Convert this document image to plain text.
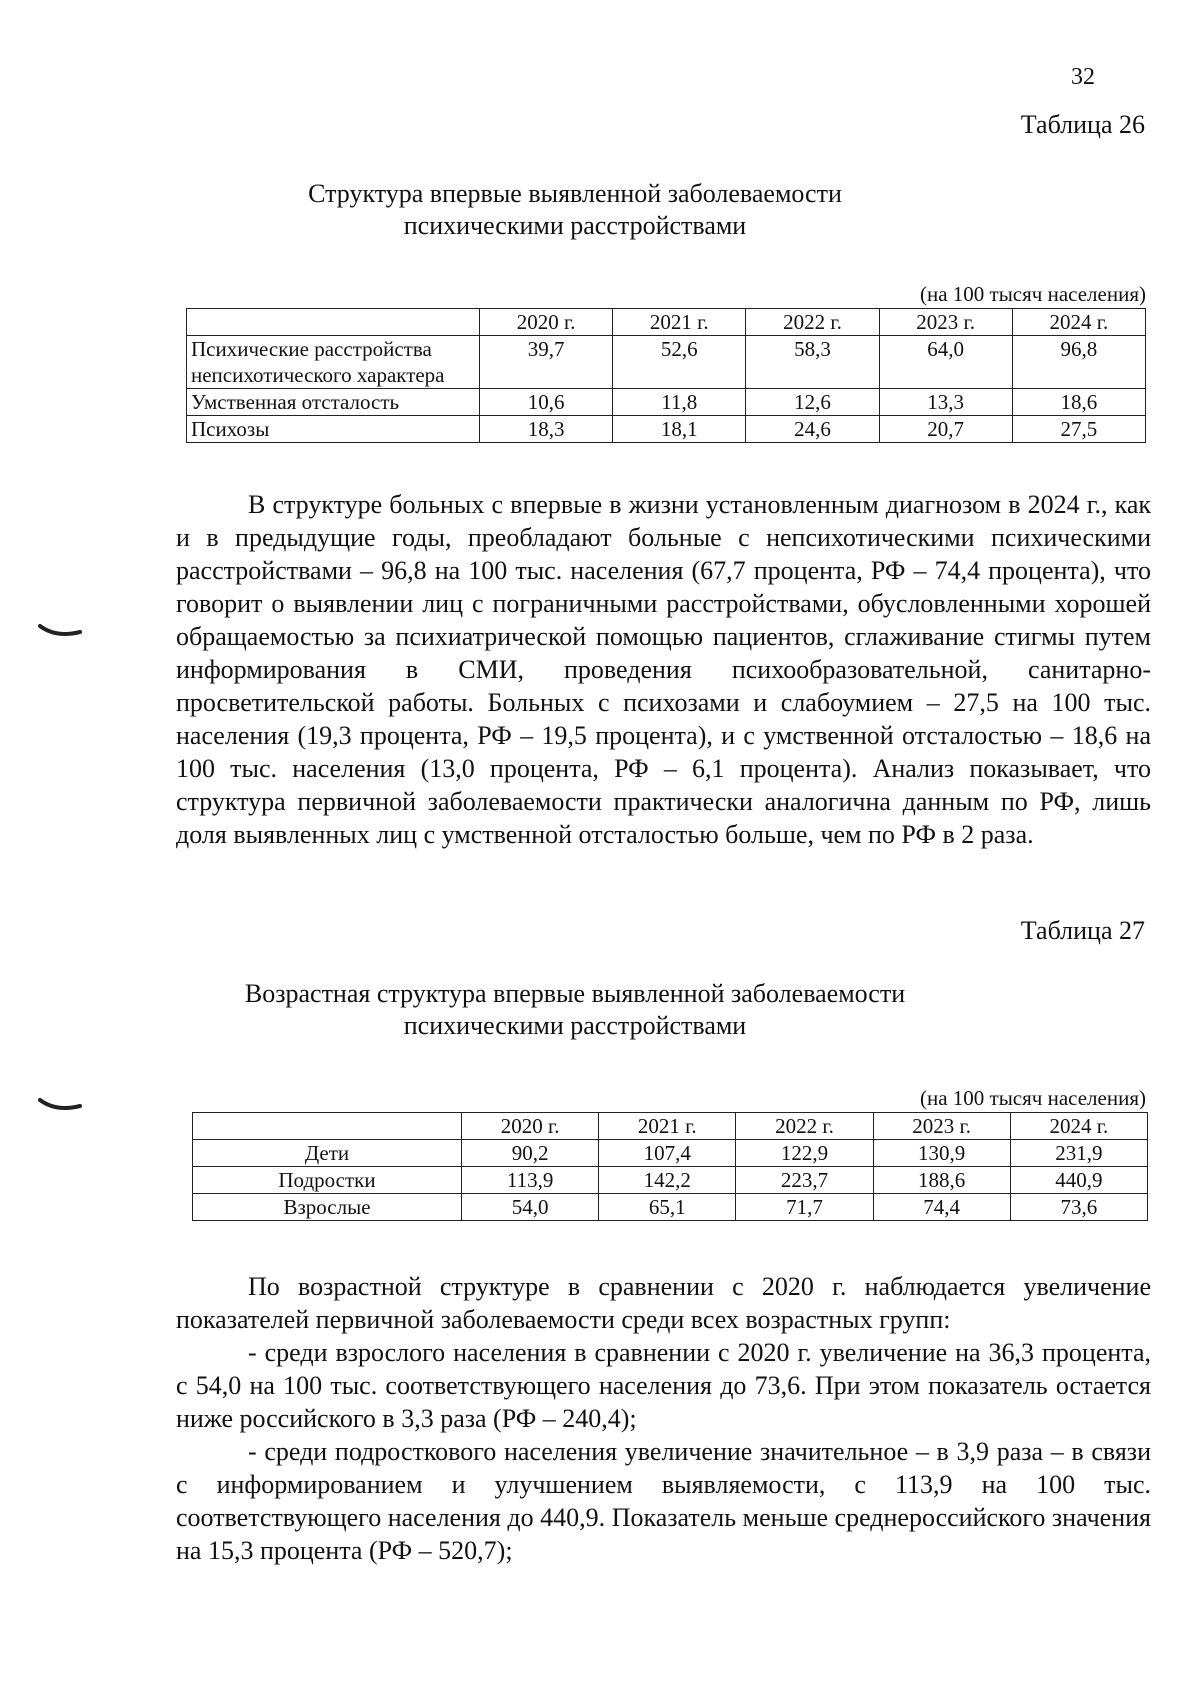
32
Таблица 26
Структура впервые выявленной заболеваемости
психическими расстройствами
(на 100 тысяч населения)
	2020 г.	2021 г.	2022 г.	2023 г.	2024 г.

Психические расстройства
непсихотического характера	39,7	52,6	58,3	64,0	96,8
Умственная отсталость	10,6	11,8	12,6	13,3	18,6
Психозы	18,3	18,1	24,6	20,7	27,5

В структуре больных с впервые в жизни установленным диагнозом в 2024 г., как и в предыдущие годы, преобладают больные с непсихотическими психическими расстройствами – 96,8 на 100 тыс. населения (67,7 процента, РФ – 74,4 процента), что говорит о выявлении лиц с пограничными расстройствами, обусловленными хорошей обращаемостью за психиатрической помощью пациентов, сглаживание стигмы путем информирования в СМИ, проведения психообразовательной, санитарно-просветительской работы. Больных с психозами и слабоумием – 27,5 на 100 тыс. населения (19,3 процента, РФ – 19,5 процента), и с умственной отсталостью – 18,6 на 100 тыс. населения (13,0 процента, РФ – 6,1 процента). Анализ показывает, что структура первичной заболеваемости практически аналогична данным по РФ, лишь доля выявленных лиц с умственной отсталостью больше, чем по РФ в 2 раза.

Таблица 27
Возрастная структура впервые выявленной заболеваемости
психическими расстройствами
(на 100 тысяч населения)
	2020 г.	2021 г.	2022 г.	2023 г.	2024 г.
Дети	90,2	107,4	122,9	130,9	231,9
Подростки	113,9	142,2	223,7	188,6	440,9
Взрослые	54,0	65,1	71,7	74,4	73,6

По возрастной структуре в сравнении с 2020 г. наблюдается увеличение показателей первичной заболеваемости среди всех возрастных групп:

- среди взрослого населения в сравнении с 2020 г. увеличение на 36,3 процента, с 54,0 на 100 тыс. соответствующего населения до 73,6. При этом показатель остается ниже российского в 3,3 раза (РФ – 240,4);

- среди подросткового населения увеличение значительное – в 3,9 раза – в связи с информированием и улучшением выявляемости, с 113,9 на 100 тыс. соответствующего населения до 440,9. Показатель меньше среднероссийского значения на 15,3 процента (РФ – 520,7);
